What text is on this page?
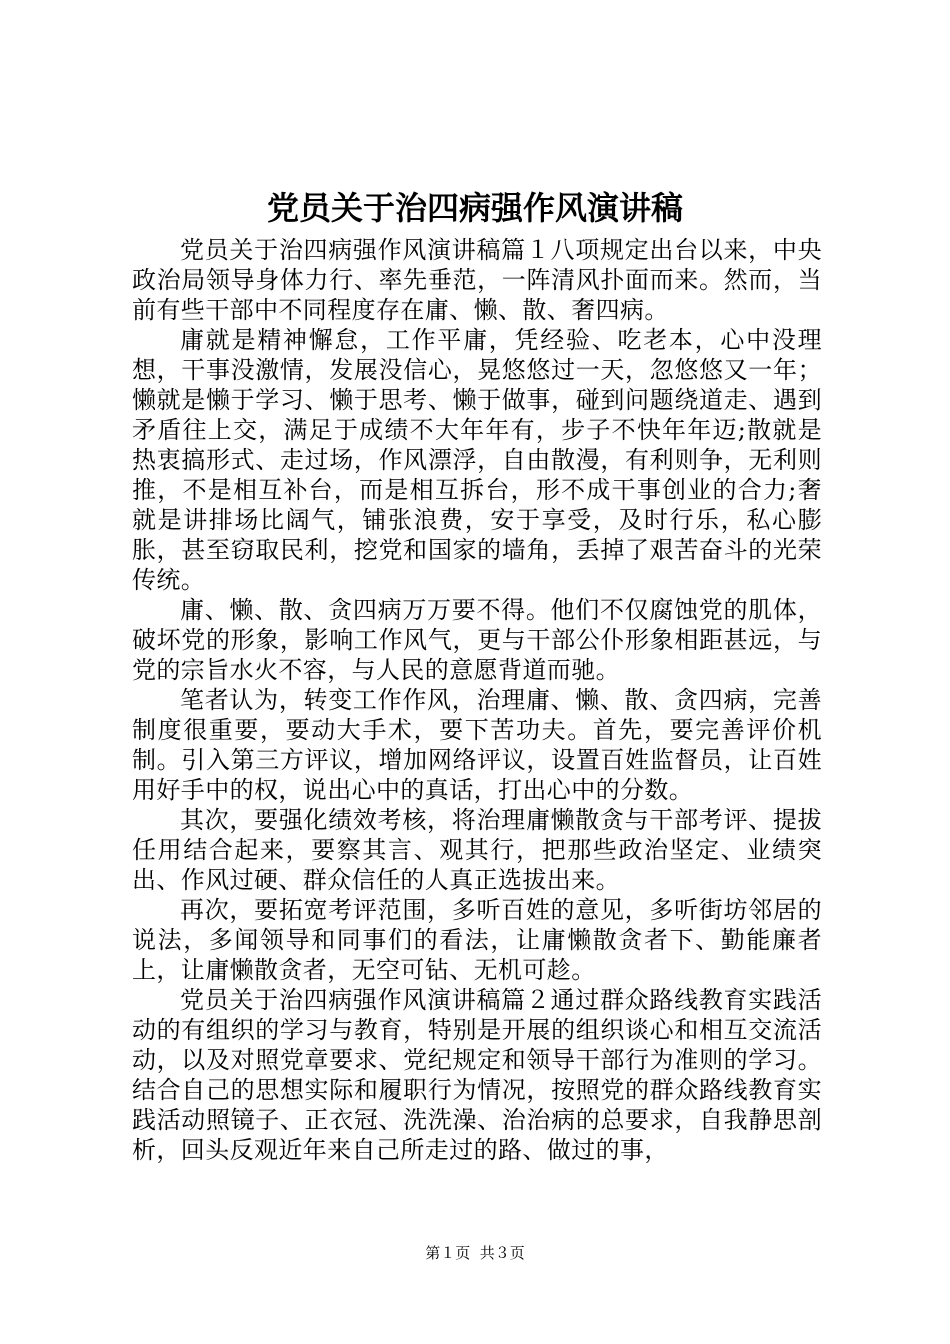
党员关于治四病强作风演讲稿

党员关于治四病强作风演讲稿篇１八项规定出台以来，中央政治局领导身体力行、率先垂范，一阵清风扑面而来。然而，当前有些干部中不同程度存在庸、懒、散、奢四病。

庸就是精神懈怠，工作平庸，凭经验、吃老本，心中没理想，干事没激情，发展没信心，晃悠悠过一天，忽悠悠又一年；懒就是懒于学习、懒于思考、懒于做事，碰到问题绕道走、遇到矛盾往上交，满足于成绩不大年年有，步子不快年年迈;散就是热衷搞形式、走过场，作风漂浮，自由散漫，有利则争，无利则推，不是相互补台，而是相互拆台，形不成干事创业的合力;奢就是讲排场比阔气，铺张浪费，安于享受，及时行乐，私心膨胀，甚至窃取民利，挖党和国家的墙角，丢掉了艰苦奋斗的光荣传统。

庸、懒、散、贪四病万万要不得。他们不仅腐蚀党的肌体，破坏党的形象，影响工作风气，更与干部公仆形象相距甚远，与党的宗旨水火不容，与人民的意愿背道而驰。

笔者认为，转变工作作风，治理庸、懒、散、贪四病，完善制度很重要，要动大手术，要下苦功夫。首先，要完善评价机制。引入第三方评议，增加网络评议，设置百姓监督员，让百姓用好手中的权，说出心中的真话，打出心中的分数。

其次，要强化绩效考核，将治理庸懒散贪与干部考评、提拔任用结合起来，要察其言、观其行，把那些政治坚定、业绩突出、作风过硬、群众信任的人真正选拔出来。

再次，要拓宽考评范围，多听百姓的意见，多听街坊邻居的说法，多闻领导和同事们的看法，让庸懒散贪者下、勤能廉者上，让庸懒散贪者，无空可钻、无机可趁。

党员关于治四病强作风演讲稿篇２通过群众路线教育实践活动的有组织的学习与教育，特别是开展的组织谈心和相互交流活动，以及对照党章要求、党纪规定和领导干部行为准则的学习。结合自己的思想实际和履职行为情况，按照党的群众路线教育实践活动照镜子、正衣冠、洗洗澡、治治病的总要求，自我静思剖析，回头反观近年来自己所走过的路、做过的事，

第１页  共３页
